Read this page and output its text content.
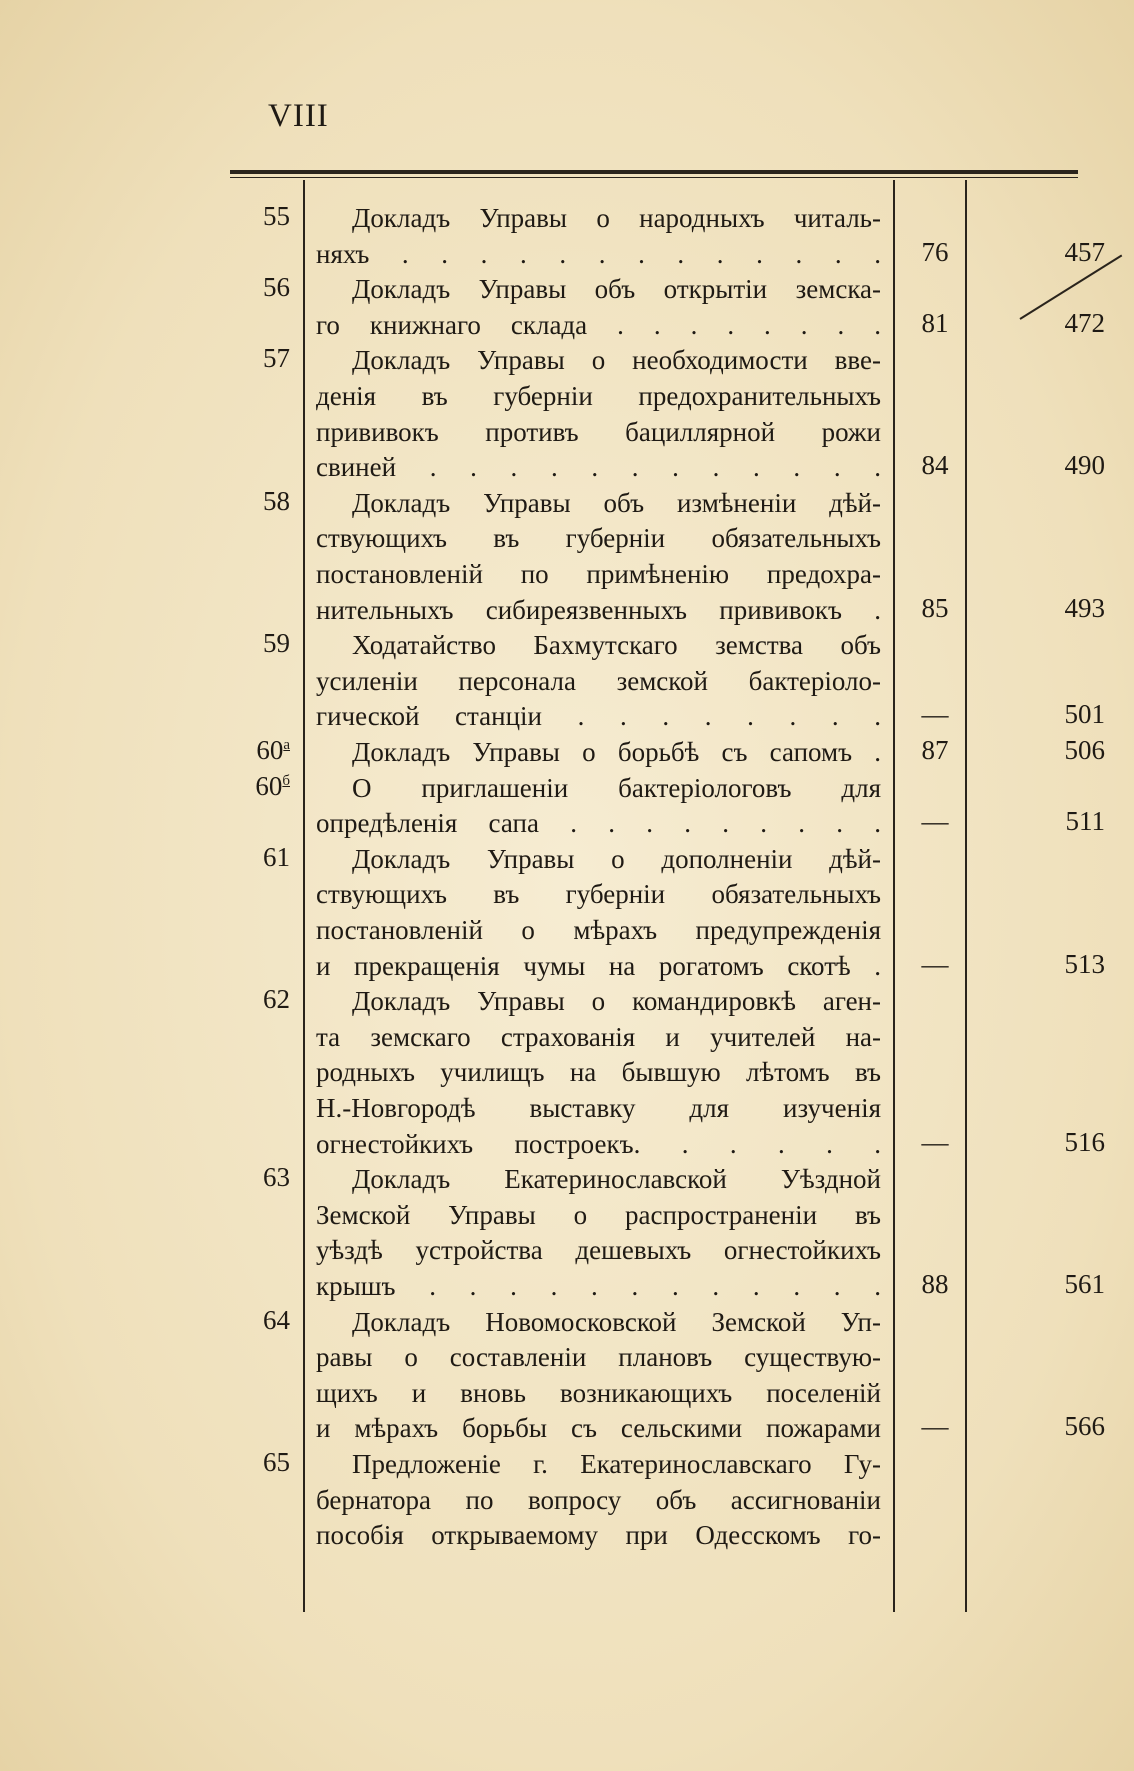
VIII
55	Докладъ Управы о народныхъ читаль-
няхъ . . . . . . . . . . . . .	76	457
56	Докладъ Управы объ открытіи земска-
го книжнаго склада . . . . . . . .	81	472
57	Докладъ Управы о необходимости вве-
денія въ губерніи предохранительныхъ
прививокъ противъ бациллярной рожи
свиней . . . . . . . . . . . .	84	490
58	Докладъ Управы объ измѣненіи дѣй-
ствующихъ въ губерніи обязательныхъ
постановленій по примѣненію предохра-
нительныхъ сибиреязвенныхъ прививокъ .	85	493
59	Ходатайство Бахмутскаго земства объ
усиленіи персонала земской бактеріоло-
гической станціи . . . . . . . .	—	501
$60^а$	Докладъ Управы о борьбѣ съ сапомъ .	87	506
$60^б$	О приглашеніи бактеріологовъ для
опредѣленія сапа . . . . . . . . .	—	511
61	Докладъ Управы о дополненіи дѣй-
ствующихъ въ губерніи обязательныхъ
постановленій о мѣрахъ предупрежденія
и прекращенія чумы на рогатомъ скотѣ .	—	513
62	Докладъ Управы о командировкѣ аген-
та земскаго страхованія и учителей на-
родныхъ училищъ на бывшую лѣтомъ въ
Н.-Новгородѣ выставку для изученія
огнестойкихъ построекъ. . . . . .	—	516
63	Докладъ Екатеринославской Уѣздной
Земской Управы о распространеніи въ
уѣздѣ устройства дешевыхъ огнестойкихъ
крышъ . . . . . . . . . . . .	88	561
64	Докладъ Новомосковской Земской Уп-
равы о составленіи плановъ существую-
щихъ и вновь возникающихъ поселеній
и мѣрахъ борьбы съ сельскими пожарами	—	566
65	Предложеніе г. Екатеринославскаго Гу-
бернатора по вопросу объ ассигнованіи
пособія открываемому при Одесскомъ го-
